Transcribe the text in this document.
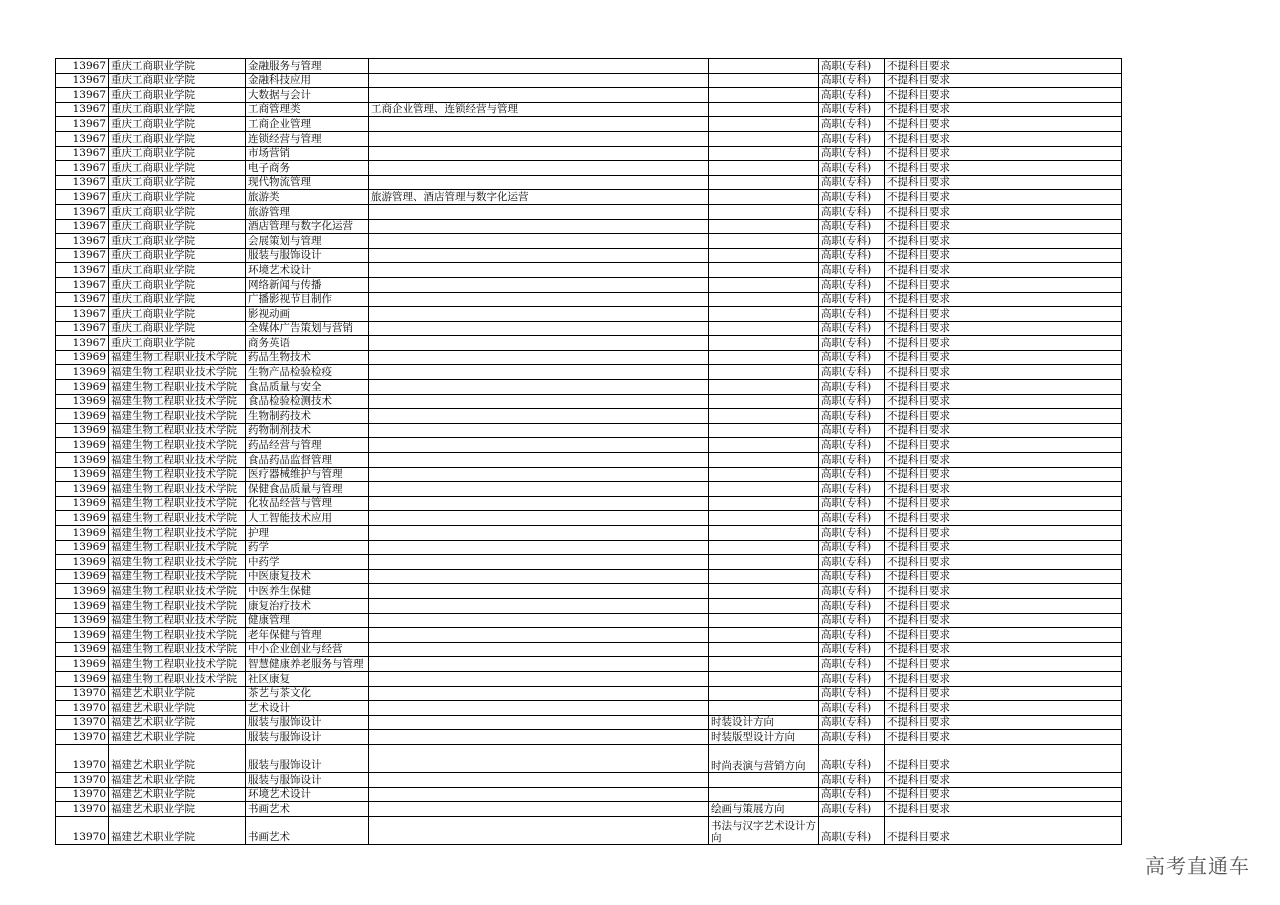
13967	重庆工商职业学院	金融服务与管理			高职(专科)	不提科目要求
13967	重庆工商职业学院	金融科技应用			高职(专科)	不提科目要求
13967	重庆工商职业学院	大数据与会计			高职(专科)	不提科目要求
13967	重庆工商职业学院	工商管理类	工商企业管理、连锁经营与管理		高职(专科)	不提科目要求
13967	重庆工商职业学院	工商企业管理			高职(专科)	不提科目要求
13967	重庆工商职业学院	连锁经营与管理			高职(专科)	不提科目要求
13967	重庆工商职业学院	市场营销			高职(专科)	不提科目要求
13967	重庆工商职业学院	电子商务			高职(专科)	不提科目要求
13967	重庆工商职业学院	现代物流管理			高职(专科)	不提科目要求
13967	重庆工商职业学院	旅游类	旅游管理、酒店管理与数字化运营		高职(专科)	不提科目要求
13967	重庆工商职业学院	旅游管理			高职(专科)	不提科目要求
13967	重庆工商职业学院	酒店管理与数字化运营			高职(专科)	不提科目要求
13967	重庆工商职业学院	会展策划与管理			高职(专科)	不提科目要求
13967	重庆工商职业学院	服装与服饰设计			高职(专科)	不提科目要求
13967	重庆工商职业学院	环境艺术设计			高职(专科)	不提科目要求
13967	重庆工商职业学院	网络新闻与传播			高职(专科)	不提科目要求
13967	重庆工商职业学院	广播影视节目制作			高职(专科)	不提科目要求
13967	重庆工商职业学院	影视动画			高职(专科)	不提科目要求
13967	重庆工商职业学院	全媒体广告策划与营销			高职(专科)	不提科目要求
13967	重庆工商职业学院	商务英语			高职(专科)	不提科目要求
13969	福建生物工程职业技术学院	药品生物技术			高职(专科)	不提科目要求
13969	福建生物工程职业技术学院	生物产品检验检疫			高职(专科)	不提科目要求
13969	福建生物工程职业技术学院	食品质量与安全			高职(专科)	不提科目要求
13969	福建生物工程职业技术学院	食品检验检测技术			高职(专科)	不提科目要求
13969	福建生物工程职业技术学院	生物制药技术			高职(专科)	不提科目要求
13969	福建生物工程职业技术学院	药物制剂技术			高职(专科)	不提科目要求
13969	福建生物工程职业技术学院	药品经营与管理			高职(专科)	不提科目要求
13969	福建生物工程职业技术学院	食品药品监督管理			高职(专科)	不提科目要求
13969	福建生物工程职业技术学院	医疗器械维护与管理			高职(专科)	不提科目要求
13969	福建生物工程职业技术学院	保健食品质量与管理			高职(专科)	不提科目要求
13969	福建生物工程职业技术学院	化妆品经营与管理			高职(专科)	不提科目要求
13969	福建生物工程职业技术学院	人工智能技术应用			高职(专科)	不提科目要求
13969	福建生物工程职业技术学院	护理			高职(专科)	不提科目要求
13969	福建生物工程职业技术学院	药学			高职(专科)	不提科目要求
13969	福建生物工程职业技术学院	中药学			高职(专科)	不提科目要求
13969	福建生物工程职业技术学院	中医康复技术			高职(专科)	不提科目要求
13969	福建生物工程职业技术学院	中医养生保健			高职(专科)	不提科目要求
13969	福建生物工程职业技术学院	康复治疗技术			高职(专科)	不提科目要求
13969	福建生物工程职业技术学院	健康管理			高职(专科)	不提科目要求
13969	福建生物工程职业技术学院	老年保健与管理			高职(专科)	不提科目要求
13969	福建生物工程职业技术学院	中小企业创业与经营			高职(专科)	不提科目要求
13969	福建生物工程职业技术学院	智慧健康养老服务与管理			高职(专科)	不提科目要求
13969	福建生物工程职业技术学院	社区康复			高职(专科)	不提科目要求
13970	福建艺术职业学院	茶艺与茶文化			高职(专科)	不提科目要求
13970	福建艺术职业学院	艺术设计			高职(专科)	不提科目要求
13970	福建艺术职业学院	服装与服饰设计		时装设计方向	高职(专科)	不提科目要求
13970	福建艺术职业学院	服装与服饰设计		时装版型设计方向	高职(专科)	不提科目要求
13970	福建艺术职业学院	服装与服饰设计		时尚表演与营销方向	高职(专科)	不提科目要求
13970	福建艺术职业学院	服装与服饰设计			高职(专科)	不提科目要求
13970	福建艺术职业学院	环境艺术设计			高职(专科)	不提科目要求
13970	福建艺术职业学院	书画艺术		绘画与策展方向	高职(专科)	不提科目要求
13970	福建艺术职业学院	书画艺术		书法与汉字艺术设计方向	高职(专科)	不提科目要求
高考直通车
